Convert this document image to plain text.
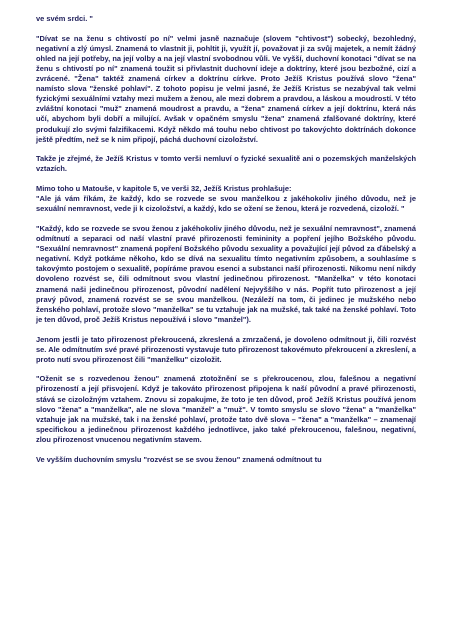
ve svém srdci. "

"Dívat se na ženu s chtivostí po ní" velmi jasně naznačuje (slovem "chtivost") sobecký, bezohledný, negativní a zlý úmysl. Znamená to vlastnit ji, pohltit ji, využít jí, považovat ji za svůj majetek, a nemít žádný ohled na její potřeby, na její volby a na její vlastní svobodnou vůli. Ve vyšší, duchovní konotaci "dívat se na ženu s chtivostí po ní" znamená toužit si přivlastnit duchovní ideje a doktríny, které jsou bezbožné, cizí a zvrácené. "Žena" taktéž znamená církev a doktrínu církve. Proto Ježíš Kristus používá slovo "žena" namísto slova "ženské pohlaví". Z tohoto popisu je velmi jasné, že Ježíš Kristus se nezabýval tak velmi fyzickými sexuálními vztahy mezi mužem a ženou, ale mezi dobrem a pravdou, a láskou a moudrostí. V této zvláštní konotaci "muž" znamená moudrost a pravdu, a "žena" znamená církev a její doktrínu, která nás učí, abychom byli dobří a milující. Avšak v opačném smyslu "žena" znamená zfalšované doktríny, které produkují zlo svými falzifikacemi. Když někdo má touhu nebo chtivost po takovýchto doktrínách dokonce ještě předtím, než se k nim připojí, páchá duchovní cizoložství.

Takže je zřejmé, že Ježíš Kristus v tomto verši nemluví o fyzické sexualitě ani o pozemských manželských vztazích.

Mimo toho u Matouše, v kapitole 5, ve verši 32, Ježíš Kristus prohlašuje:
"Ale já vám říkám, že každý, kdo se rozvede se svou manželkou z jakéhokoliv jiného důvodu, než je sexuální nemravnost, vede ji k cizoložství, a každý, kdo se ožení se ženou, která je rozvedená, cizoloží. "

"Každý, kdo se rozvede se svou ženou z jakéhokoliv jiného důvodu, než je sexuální nemravnost", znamená odmítnutí a separaci od naší vlastní pravé přirozenosti femininity a popření jejího Božského původu. "Sexuální nemravnost" znamená popření Božského původu sexuality a považující její původ za ďábelský a negativní. Když potkáme někoho, kdo se dívá na sexualitu tímto negativním způsobem, a souhlasíme s takovýmto postojem o sexualitě, popíráme pravou esenci a substanci naší přirozenosti. Nikomu není nikdy dovoleno rozvést se, čili odmítnout svou vlastní jedinečnou přirozenost. "Manželka" v této konotaci znamená naši jedinečnou přirozenost, původní nadělení Nejvyššího v nás. Popřít tuto přirozenost a její pravý původ, znamená rozvést se se svou manželkou. (Nezáleží na tom, či jedinec je mužského nebo ženského pohlaví, protože slovo "manželka" se tu vztahuje jak na mužské, tak také na ženské pohlaví. Toto je ten důvod, proč Ježíš Kristus nepoužívá i slovo "manžel").

Jenom jestli je tato přirozenost překroucená, zkreslená a zmrzačená, je dovoleno odmítnout ji, čili rozvést se. Ale odmítnutím své pravé přirozenosti vystavuje tuto přirozenost takovémuto překroucení a zkreslení, a proto nutí svou přirozenost čili "manželku" cizoložit.

"Oženit se s rozvedenou ženou" znamená ztotožnění se s překroucenou, zlou, falešnou a negativní přirozeností a její přisvojení. Když je takováto přirozenost připojena k naší původní a pravé přirozenosti, stává se cizoložným vztahem. Znovu si zopakujme, že toto je ten důvod, proč Ježíš Kristus používá jenom slovo "žena" a "manželka", ale ne slova "manžel" a "muž". V tomto smyslu se slovo "žena" a "manželka" vztahuje jak na mužské, tak i na ženské pohlaví, protože tato dvě slova – "žena" a "manželka" – znamenají specifickou a jedinečnou přirozenost každého jednotlivce, jako také překroucenou, falešnou, negativní, zlou přirozenost vnucenou negativním stavem.

Ve vyšším duchovním smyslu "rozvést se se svou ženou" znamená odmítnout tu
